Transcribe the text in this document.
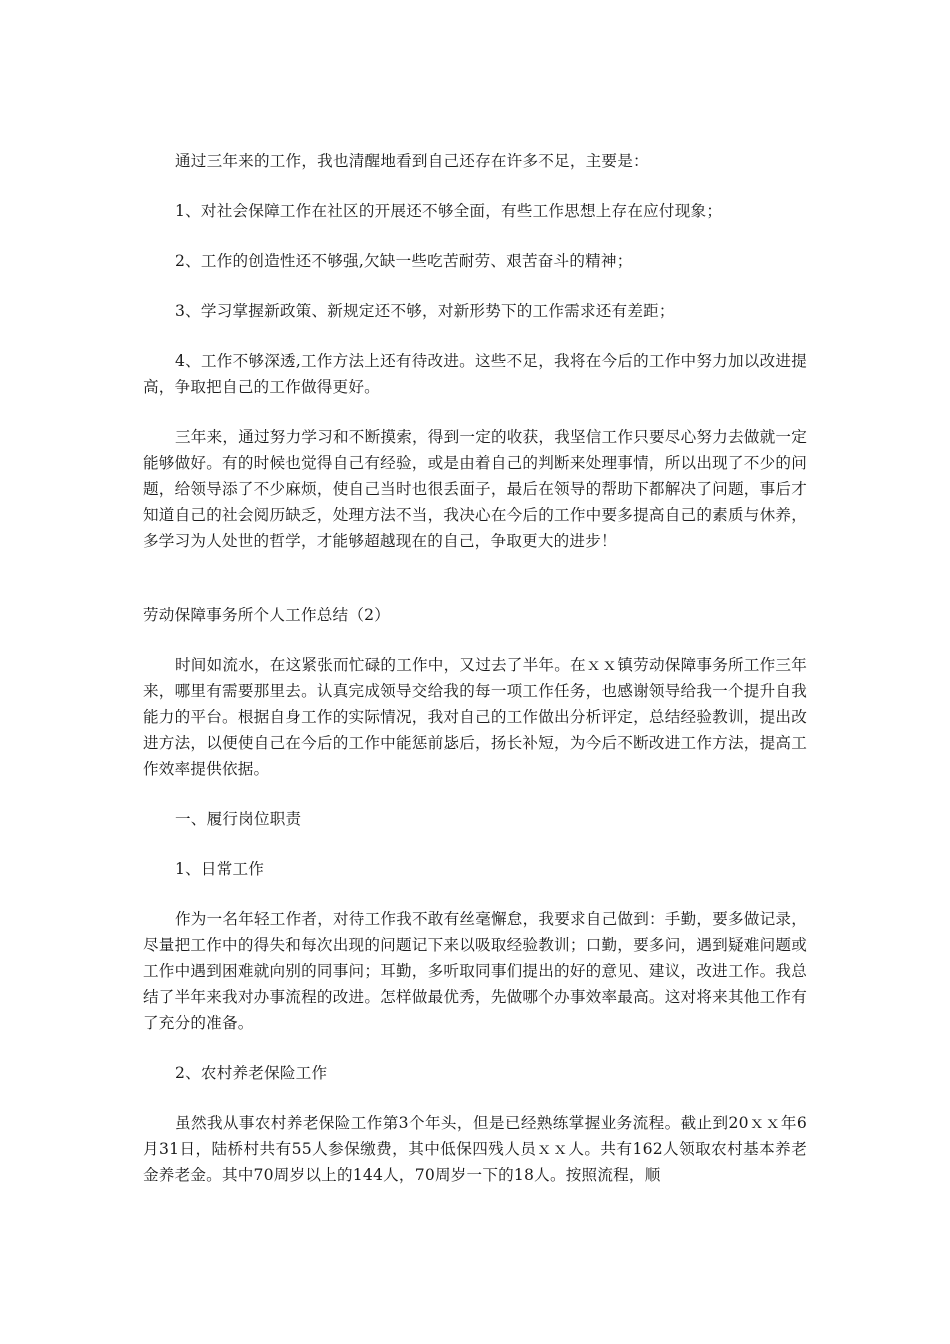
通过三年来的工作，我也清醒地看到自己还存在许多不足，主要是：

1、对社会保障工作在社区的开展还不够全面，有些工作思想上存在应付现象；

2、工作的创造性还不够强,欠缺一些吃苦耐劳、艰苦奋斗的精神；

3、学习掌握新政策、新规定还不够，对新形势下的工作需求还有差距；

4、工作不够深透,工作方法上还有待改进。这些不足，我将在今后的工作中努力加以改进提高，争取把自己的工作做得更好。

三年来，通过努力学习和不断摸索，得到一定的收获，我坚信工作只要尽心努力去做就一定能够做好。有的时候也觉得自己有经验，或是由着自己的判断来处理事情，所以出现了不少的问题，给领导添了不少麻烦，使自己当时也很丢面子，最后在领导的帮助下都解决了问题，事后才知道自己的社会阅历缺乏，处理方法不当，我决心在今后的工作中要多提高自己的素质与休养，多学习为人处世的哲学，才能够超越现在的自己，争取更大的进步！

劳动保障事务所个人工作总结（2）

时间如流水，在这紧张而忙碌的工作中，又过去了半年。在ｘｘ镇劳动保障事务所工作三年来，哪里有需要那里去。认真完成领导交给我的每一项工作任务，也感谢领导给我一个提升自我能力的平台。根据自身工作的实际情况，我对自己的工作做出分析评定，总结经验教训，提出改进方法，以便使自己在今后的工作中能惩前毖后，扬长补短，为今后不断改进工作方法，提高工作效率提供依据。

一、履行岗位职责

1、日常工作

作为一名年轻工作者，对待工作我不敢有丝毫懈怠，我要求自己做到：手勤，要多做记录，尽量把工作中的得失和每次出现的问题记下来以吸取经验教训；口勤，要多问，遇到疑难问题或工作中遇到困难就向别的同事问；耳勤，多听取同事们提出的好的意见、建议，改进工作。我总结了半年来我对办事流程的改进。怎样做最优秀，先做哪个办事效率最高。这对将来其他工作有了充分的准备。

2、农村养老保险工作

虽然我从事农村养老保险工作第3个年头，但是已经熟练掌握业务流程。截止到20ｘｘ年6月31日，陆桥村共有55人参保缴费，其中低保四残人员ｘｘ人。共有162人领取农村基本养老金养老金。其中70周岁以上的144人，70周岁一下的18人。按照流程，顺
